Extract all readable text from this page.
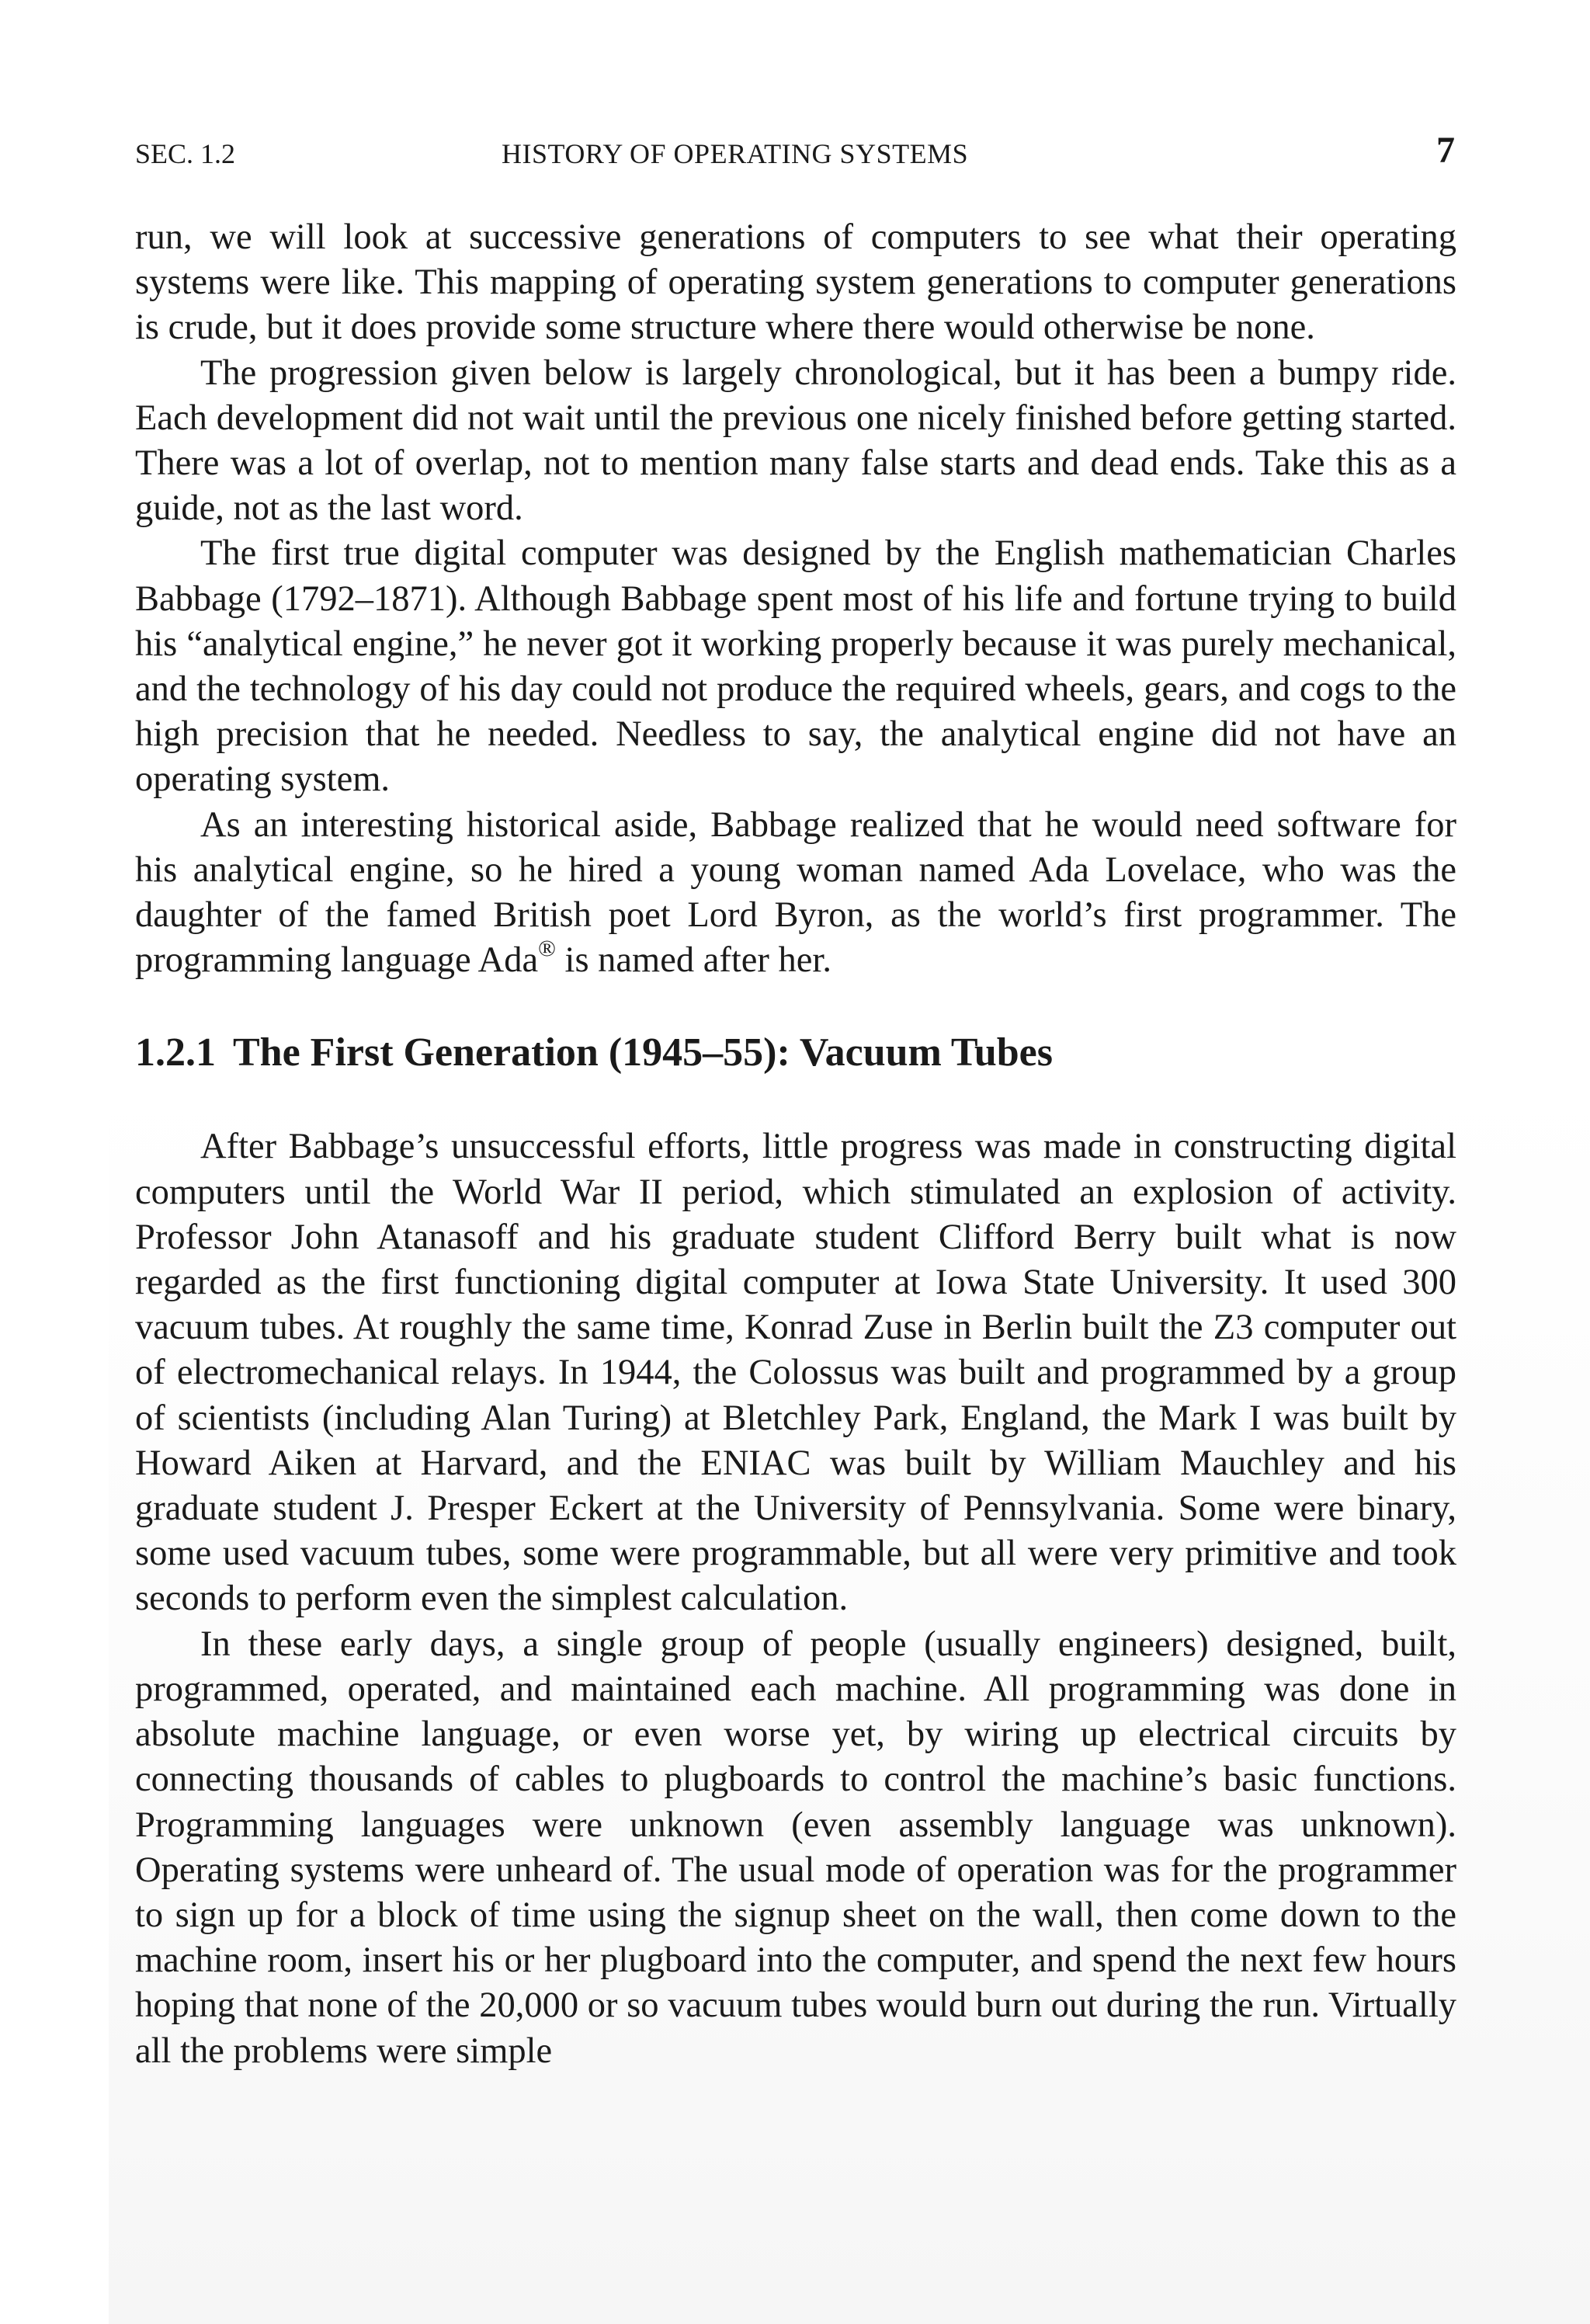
SEC. 1.2	HISTORY OF OPERATING SYSTEMS	7

run, we will look at successive generations of computers to see what their operating systems were like. This mapping of operating system generations to computer generations is crude, but it does provide some structure where there would otherwise be none.

The progression given below is largely chronological, but it has been a bumpy ride. Each development did not wait until the previous one nicely finished before getting started. There was a lot of overlap, not to mention many false starts and dead ends. Take this as a guide, not as the last word.

The first true digital computer was designed by the English mathematician Charles Babbage (1792–1871). Although Babbage spent most of his life and fortune trying to build his “analytical engine,” he never got it working properly because it was purely mechanical, and the technology of his day could not produce the required wheels, gears, and cogs to the high precision that he needed. Needless to say, the analytical engine did not have an operating system.

As an interesting historical aside, Babbage realized that he would need software for his analytical engine, so he hired a young woman named Ada Lovelace, who was the daughter of the famed British poet Lord Byron, as the world’s first programmer. The programming language Ada® is named after her.

1.2.1 The First Generation (1945–55): Vacuum Tubes

After Babbage’s unsuccessful efforts, little progress was made in constructing digital computers until the World War II period, which stimulated an explosion of activity. Professor John Atanasoff and his graduate student Clifford Berry built what is now regarded as the first functioning digital computer at Iowa State University. It used 300 vacuum tubes. At roughly the same time, Konrad Zuse in Berlin built the Z3 computer out of electromechanical relays. In 1944, the Colossus was built and programmed by a group of scientists (including Alan Turing) at Bletchley Park, England, the Mark I was built by Howard Aiken at Harvard, and the ENIAC was built by William Mauchley and his graduate student J. Presper Eckert at the University of Pennsylvania. Some were binary, some used vacuum tubes, some were programmable, but all were very primitive and took seconds to perform even the simplest calculation.

In these early days, a single group of people (usually engineers) designed, built, programmed, operated, and maintained each machine. All programming was done in absolute machine language, or even worse yet, by wiring up electrical circuits by connecting thousands of cables to plugboards to control the machine’s basic functions. Programming languages were unknown (even assembly language was unknown). Operating systems were unheard of. The usual mode of operation was for the programmer to sign up for a block of time using the signup sheet on the wall, then come down to the machine room, insert his or her plugboard into the computer, and spend the next few hours hoping that none of the 20,000 or so vacuum tubes would burn out during the run. Virtually all the problems were simple
